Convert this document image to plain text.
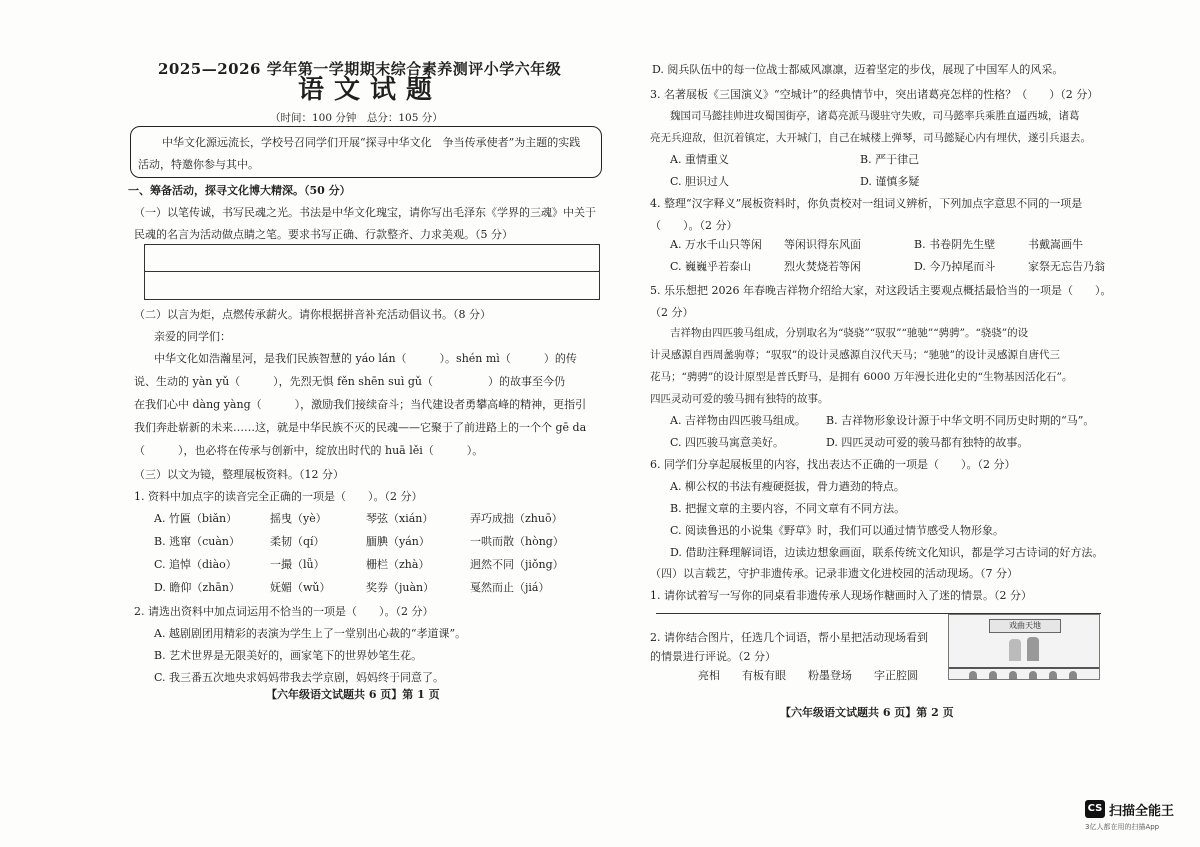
2025—2026 学年第一学期期末综合素养测评小学六年级
语文试题
（时间：100 分钟　总分：105 分）
中华文化源远流长，学校号召同学们开展“探寻中华文化　争当传承使者”为主题的实践
活动，特邀你参与其中。
一、筹备活动，探寻文化博大精深。（50 分）
（一）以笔传诚，书写民魂之光。书法是中华文化瑰宝，请你写出毛泽东《学界的三魂》中关于
民魂的名言为活动做点睛之笔。要求书写正确、行款整齐、力求美观。（5 分）
（二）以言为炬，点燃传承薪火。请你根据拼音补充活动倡议书。（8 分）
亲爱的同学们：
中华文化如浩瀚星河，是我们民族智慧的 yáo lán（　　　）。shén mì（　　　）的传
说、生动的 yàn yǔ（　　　），先烈无惧 fěn shēn suì gǔ（　　　　　）的故事至今仍
在我们心中 dàng yàng（　　　），激励我们接续奋斗；当代建设者勇攀高峰的精神，更指引
我们奔赴崭新的未来……这，就是中华民族不灭的民魂——它聚于了前进路上的一个个 gē da
（　　　），也必将在传承与创新中，绽放出时代的 huā lěi（　　　）。
（三）以文为镜，整理展板资料。（12 分）
1. 资料中加点字的读音完全正确的一项是（　　）。（2 分）
A. 竹匾（biǎn）	摇曳（yè）	琴弦（xián）	弄巧成拙（zhuō）
B. 逃窜（cuàn）	柔韧（qí）	腼腆（yán）	一哄而散（hòng）
C. 追悼（diào）	一撮（lǚ）	栅栏（zhà）	迥然不同（jiǒng）
D. 瞻仰（zhān）	妩媚（wǔ）	奖券（juàn）	戛然而止（jiá）
2. 请选出资料中加点词运用不恰当的一项是（　　）。（2 分）
A. 越剧剧团用精彩的表演为学生上了一堂别出心裁的“孝道课”。
B. 艺术世界是无限美好的，画家笔下的世界妙笔生花。
C. 我三番五次地央求妈妈带我去学京剧，妈妈终于同意了。
【六年级语文试题共 6 页】第 1 页
D. 阅兵队伍中的每一位战士都威风凛凛，迈着坚定的步伐，展现了中国军人的风采。
3. 名著展板《三国演义》“空城计”的经典情节中，突出诸葛亮怎样的性格？（　　）（2 分）
魏国司马懿挂帅进攻蜀国街亭，诸葛亮派马谡驻守失败，司马懿率兵乘胜直逼西城，诸葛
亮无兵迎敌，但沉着镇定，大开城门，自己在城楼上弹琴，司马懿疑心内有埋伏，遂引兵退去。
A. 重情重义	B. 严于律己
C. 胆识过人	D. 谨慎多疑
4. 整理“汉字释义”展板资料时，你负责校对一组词义辨析，下列加点字意思不同的一项是
（　　）。（2 分）
A. 万水千山只等闲 等闲识得东风面	B. 书卷阴先生壁	书戴嵩画牛
C. 巍巍乎若泰山	烈火焚烧若等闲	D. 今乃掉尾而斗	家祭无忘告乃翁
5. 乐乐想把 2026 年春晚吉祥物介绍给大家，对这段话主要观点概括最恰当的一项是（　　）。
（2 分）
吉祥物由四匹骏马组成，分别取名为“骁骁”“驭驭”“驰驰”“骋骋”。“骁骁”的设
计灵感源自西周盠驹尊；“驭驭”的设计灵感源自汉代天马；“驰驰”的设计灵感源自唐代三
花马；“骋骋”的设计原型是普氏野马，是拥有 6000 万年漫长进化史的“生物基因活化石”。
四匹灵动可爱的骏马拥有独特的故事。
A. 吉祥物由四匹骏马组成。 B. 吉祥物形象设计源于中华文明不同历史时期的“马”。
C. 四匹骏马寓意美好。	D. 四匹灵动可爱的骏马都有独特的故事。
6. 同学们分享起展板里的内容，找出表达不正确的一项是（　　）。（2 分）
A. 柳公权的书法有瘦硬挺拔，骨力遒劲的特点。
B. 把握文章的主要内容，不同文章有不同方法。
C. 阅读鲁迅的小说集《野草》时，我们可以通过情节感受人物形象。
D. 借助注释理解词语，边读边想象画面，联系传统文化知识，都是学习古诗词的好方法。
（四）以言载艺，守护非遗传承。记录非遗文化进校园的活动现场。（7 分）
1. 请你试着写一写你的同桌看非遗传承人现场作糖画时入了迷的情景。（2 分）
2. 请你结合图片，任选几个词语，帮小星把活动现场看到
的情景进行评说。（2 分）
亮相 有板有眼 粉墨登场 字正腔圆
戏曲天地
【六年级语文试题共 6 页】第 2 页
CS 扫描全能王
3亿人都在用的扫描App
